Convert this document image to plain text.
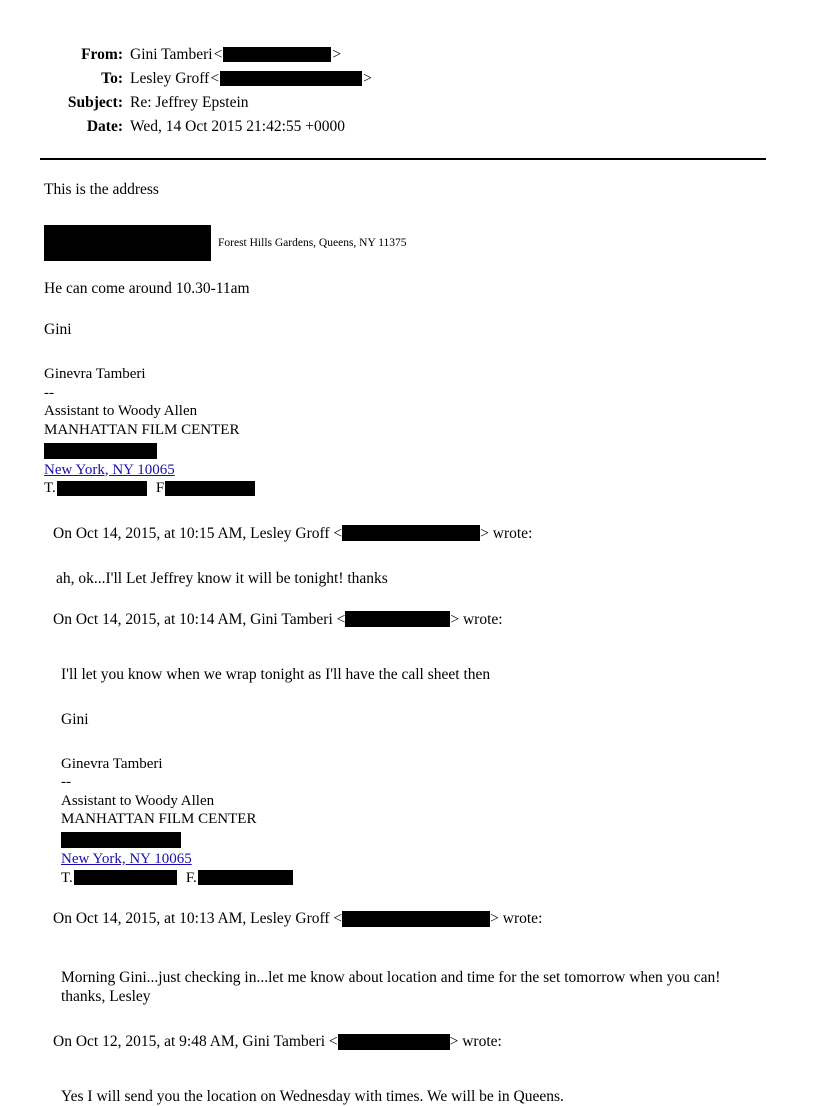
From: Gini Tamberi <	>
To: Lesley Groff <	>
Subject: Re: Jeffrey Epstein
Date: Wed, 14 Oct 2015 21:42:55 +0000
This is the address
Forest Hills Gardens, Queens, NY 11375
He can come around 10.30-11am
Gini
Ginevra Tamberi
--
Assistant to Woody Allen
MANHATTAN FILM CENTER
New York, NY 10065
T.	F
On Oct 14, 2015, at 10:15 AM, Lesley Groff <	> wrote:
ah, ok...I'll Let Jeffrey know it will be tonight! thanks
On Oct 14, 2015, at 10:14 AM, Gini Tamberi <	> wrote:
I'll let you know when we wrap tonight as I'll have the call sheet then
Gini
Ginevra Tamberi
--
Assistant to Woody Allen
MANHATTAN FILM CENTER
New York, NY 10065
T.	F.
On Oct 14, 2015, at 10:13 AM, Lesley Groff <	> wrote:
Morning Gini...just checking in...let me know about location and time for the set tomorrow when you can!
thanks, Lesley
On Oct 12, 2015, at 9:48 AM, Gini Tamberi <	> wrote:
Yes I will send you the location on Wednesday with times. We will be in Queens.
